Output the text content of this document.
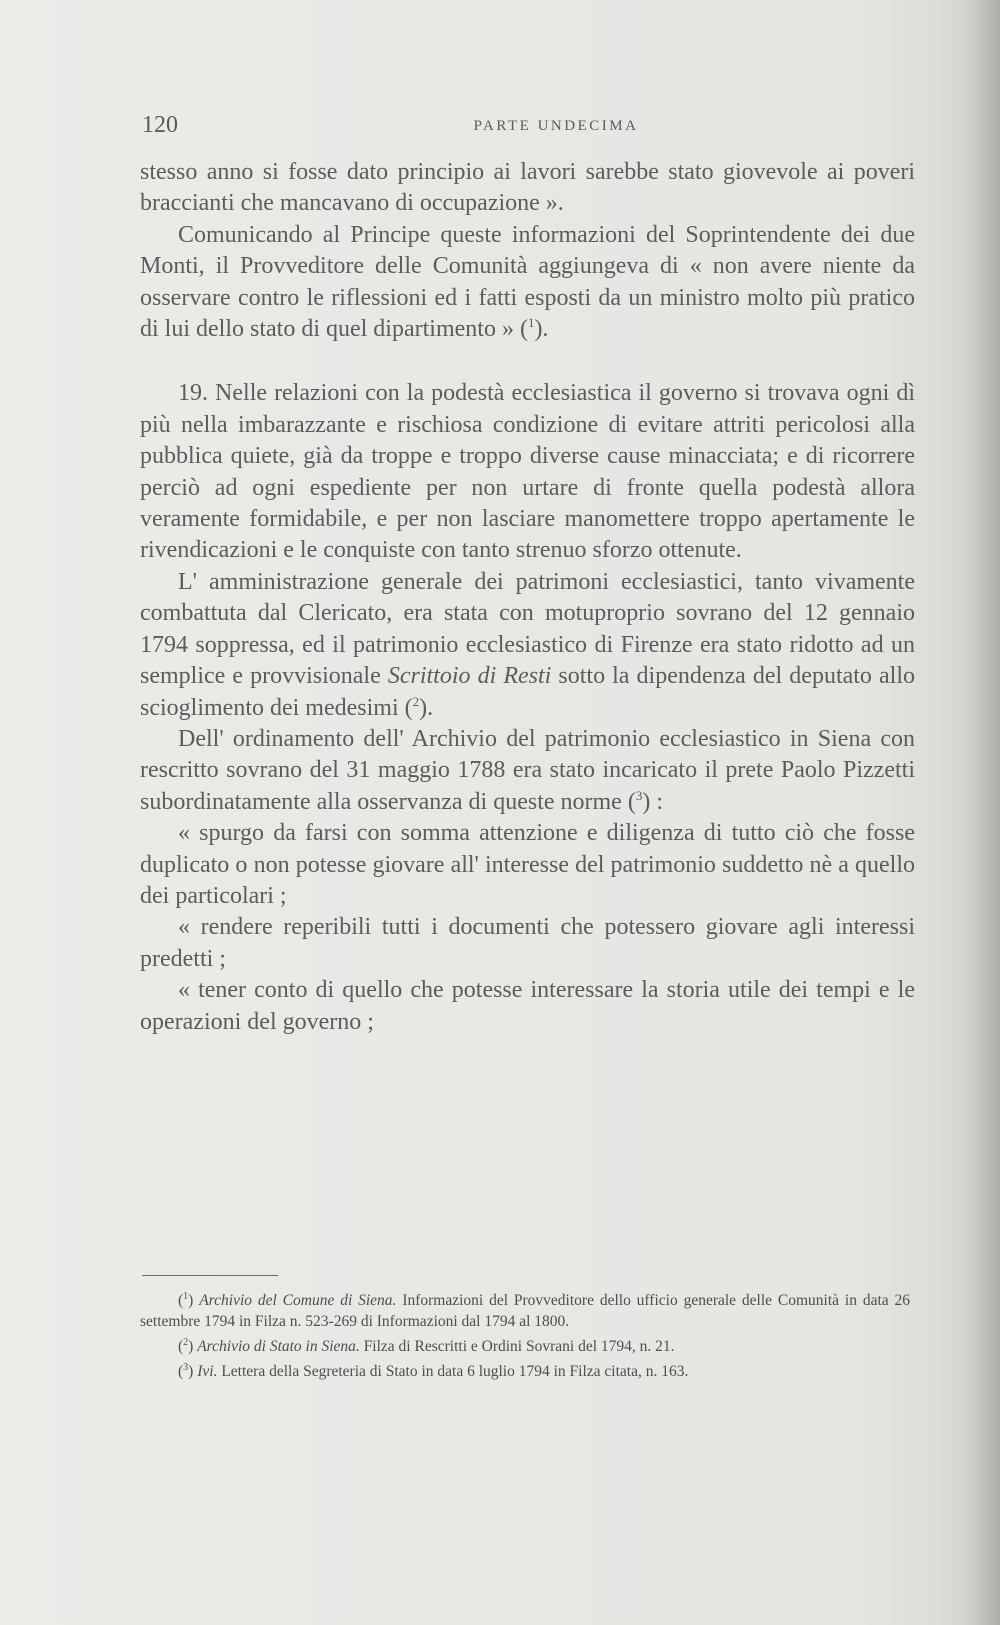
120	PARTE UNDECIMA

stesso anno si fosse dato principio ai lavori sarebbe stato giovevole ai poveri braccianti che mancavano di occupazione ».

Comunicando al Principe queste informazioni del Soprintendente dei due Monti, il Provveditore delle Comunità aggiungeva di « non avere niente da osservare contro le riflessioni ed i fatti esposti da un ministro molto più pratico di lui dello stato di quel dipartimento » ($^1$).

19. Nelle relazioni con la podestà ecclesiastica il governo si trovava ogni dì più nella imbarazzante e rischiosa condizione di evitare attriti pericolosi alla pubblica quiete, già da troppe e troppo diverse cause minacciata; e di ricorrere perciò ad ogni espediente per non urtare di fronte quella podestà allora veramente formidabile, e per non lasciare manomettere troppo apertamente le rivendicazioni e le conquiste con tanto strenuo sforzo ottenute.

L' amministrazione generale dei patrimoni ecclesiastici, tanto vivamente combattuta dal Clericato, era stata con motuproprio sovrano del 12 gennaio 1794 soppressa, ed il patrimonio ecclesiastico di Firenze era stato ridotto ad un semplice e provvisionale Scrittoio di Resti sotto la dipendenza del deputato allo scioglimento dei medesimi ($^2$).

Dell' ordinamento dell' Archivio del patrimonio ecclesiastico in Siena con rescritto sovrano del 31 maggio 1788 era stato incaricato il prete Paolo Pizzetti subordinatamente alla osservanza di queste norme ($^3$) :

« spurgo da farsi con somma attenzione e diligenza di tutto ciò che fosse duplicato o non potesse giovare all' interesse del patrimonio suddetto nè a quello dei particolari ;

« rendere reperibili tutti i documenti che potessero giovare agli interessi predetti ;

« tener conto di quello che potesse interessare la storia utile dei tempi e le operazioni del governo ;

($^1$) Archivio del Comune di Siena. Informazioni del Provveditore dello ufficio generale delle Comunità in data 26 settembre 1794 in Filza n. 523-269 di Informazioni dal 1794 al 1800.

($^2$) Archivio di Stato in Siena. Filza di Rescritti e Ordini Sovrani del 1794, n. 21.

($^3$) Ivi. Lettera della Segreteria di Stato in data 6 luglio 1794 in Filza citata, n. 163.
